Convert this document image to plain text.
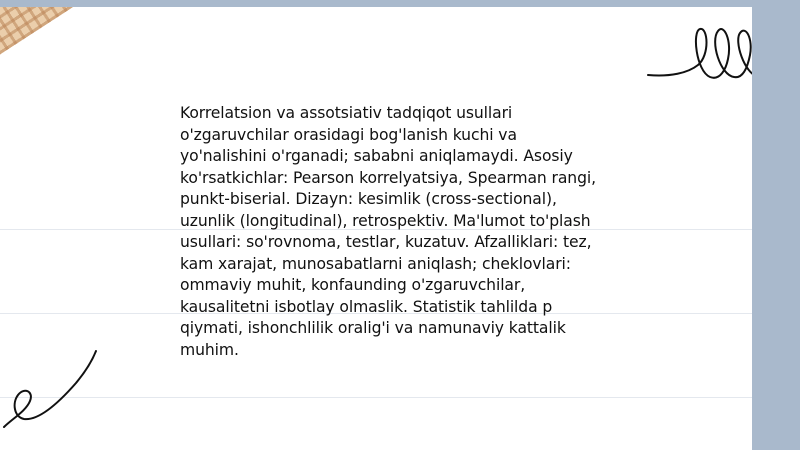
Korrelatsion va assotsiativ tadqiqot usullari o'zgaruvchilar orasidagi bog'lanish kuchi va yo'nalishini o'rganadi; sababni aniqlamaydi. Asosiy ko'rsatkichlar: Pearson korrelyatsiya, Spearman rangi, punkt-biserial. Dizayn: kesimlik (cross-sectional), uzunlik (longitudinal), retrospektiv. Ma'lumot to'plash usullari: so'rovnoma, testlar, kuzatuv. Afzalliklari: tez, kam xarajat, munosabatlarni aniqlash; cheklovlari: ommaviy muhit, konfaunding o'zgaruvchilar, kausalitetni isbotlay olmaslik. Statistik tahlilda p qiymati, ishonchlilik oralig'i va namunaviy kattalik muhim.
